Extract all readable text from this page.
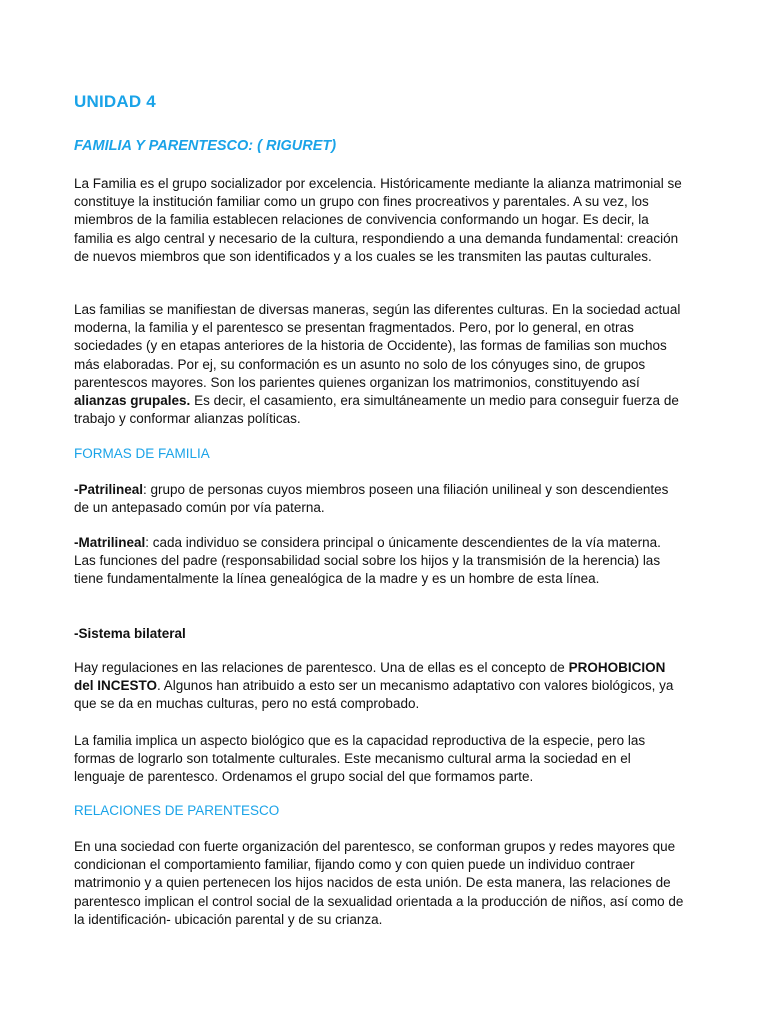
UNIDAD 4
FAMILIA Y PARENTESCO: ( RIGURET)

La Familia es el grupo socializador por excelencia. Históricamente mediante la alianza matrimonial se constituye la institución familiar como un grupo con fines procreativos y parentales. A su vez, los miembros de la familia establecen relaciones de convivencia conformando un hogar. Es decir, la familia es algo central y necesario de la cultura, respondiendo a una demanda fundamental: creación de nuevos miembros que son identificados y a los cuales se les transmiten las pautas culturales.

Las familias se manifiestan de diversas maneras, según las diferentes culturas. En la sociedad actual moderna, la familia y el parentesco se presentan fragmentados. Pero, por lo general, en otras sociedades (y en etapas anteriores de la historia de Occidente), las formas de familias son muchos más elaboradas. Por ej, su conformación es un asunto no solo de los cónyuges sino, de grupos parentescos mayores. Son los parientes quienes organizan los matrimonios, constituyendo así alianzas grupales. Es decir, el casamiento, era simultáneamente un medio para conseguir fuerza de trabajo y conformar alianzas políticas.

FORMAS DE FAMILIA

-Patrilineal: grupo de personas cuyos miembros poseen una filiación unilineal y son descendientes de un antepasado común por vía paterna.

-Matrilineal: cada individuo se considera principal o únicamente descendientes de la vía materna. Las funciones del padre (responsabilidad social sobre los hijos y la transmisión de la herencia) las tiene fundamentalmente la línea genealógica de la madre y es un hombre de esta línea.

-Sistema bilateral

Hay regulaciones en las relaciones de parentesco. Una de ellas es el concepto de PROHOBICION del INCESTO. Algunos han atribuido a esto ser un mecanismo adaptativo con valores biológicos, ya que se da en muchas culturas, pero no está comprobado.

La familia implica un aspecto biológico que es la capacidad reproductiva de la especie, pero las formas de lograrlo son totalmente culturales. Este mecanismo cultural arma la sociedad en el lenguaje de parentesco. Ordenamos el grupo social del que formamos parte.

RELACIONES DE PARENTESCO

En una sociedad con fuerte organización del parentesco, se conforman grupos y redes mayores que condicionan el comportamiento familiar, fijando como y con quien puede un individuo contraer matrimonio y a quien pertenecen los hijos nacidos de esta unión. De esta manera, las relaciones de parentesco implican el control social de la sexualidad orientada a la producción de niños, así como de la identificación- ubicación parental y de su crianza.
